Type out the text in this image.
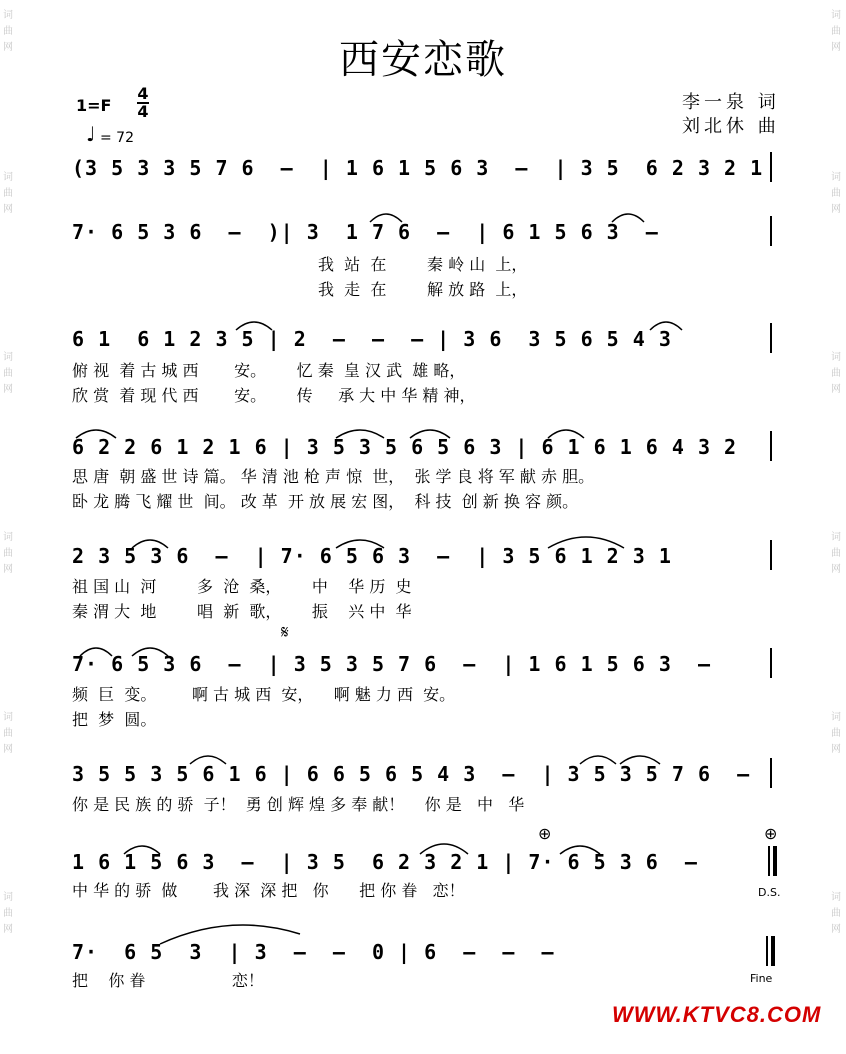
西安恋歌
1=F
4
4
♩ = 72
李一泉 词
刘北休 曲
词
曲
网
词
曲
网
词
曲
网
词
曲
网
词
曲
网
词
曲
网
词
曲
网
词
曲
网
词
曲
网
词
曲
网
词
曲
网
词
曲
网
(3 5 3 3 5 7 6  —  | 1 6 1 5 6 3  —  | 3 5  6 2 3 2 1
7· 6 5 3 6  —  )| 3  1 7 6  —  | 6 1 5 6 3  —
我  站  在        秦 岭 山  上，
我  走  在        解 放 路  上，
6 1  6 1 2 3 5 | 2  —  —  — | 3 6  3 5 6 5 4 3
俯 视  着 古 城 西       安。      忆 秦  皇 汉 武  雄 略，
欣 赏  着 现 代 西       安。      传     承 大 中 华 精 神，
6 2 2 6 1 2 1 6 | 3 5 3 5 6 5 6 3 | 6 1 6 1 6 4 3 2
思 唐  朝 盛 世 诗 篇。 华 清 池 枪 声 惊  世，  张 学 良 将 军 献 赤 胆。
卧 龙 腾 飞 耀 世  间。 改 革  开 放 展 宏 图，  科 技  创 新 换 容 颜。
2 3 5 3 6  —  | 7· 6 5 6 3  —  | 3 5 6 1 2 3 1
祖 国 山  河        多  沧  桑，      中    华 历  史
秦 渭 大  地        唱  新  歌，      振    兴 中  华
𝄋
7· 6 5 3 6  —  | 3 5 3 5 7 6  —  | 1 6 1 5 6 3  —
频  巨  变。       啊 古 城 西  安，    啊 魅 力 西  安。
把  梦  圆。
3 5 5 3 5 6 1 6 | 6 6 5 6 5 4 3  —  | 3 5 3 5 7 6  —
你 是 民 族 的 骄  子！  勇 创 辉 煌 多 奉 献！    你 是   中   华
⊕	⊕
1 6 1 5 6 3  —  | 3 5  6 2 3 2 1 | 7· 6 5 3 6  —
中 华 的 骄  做       我 深  深 把   你      把 你 眷   恋！	D.S.
7·  6 5  3  | 3  —  —  0 | 6  —  —  —
把    你 眷                 恋！	Fine
WWW.KTVC8.COM
